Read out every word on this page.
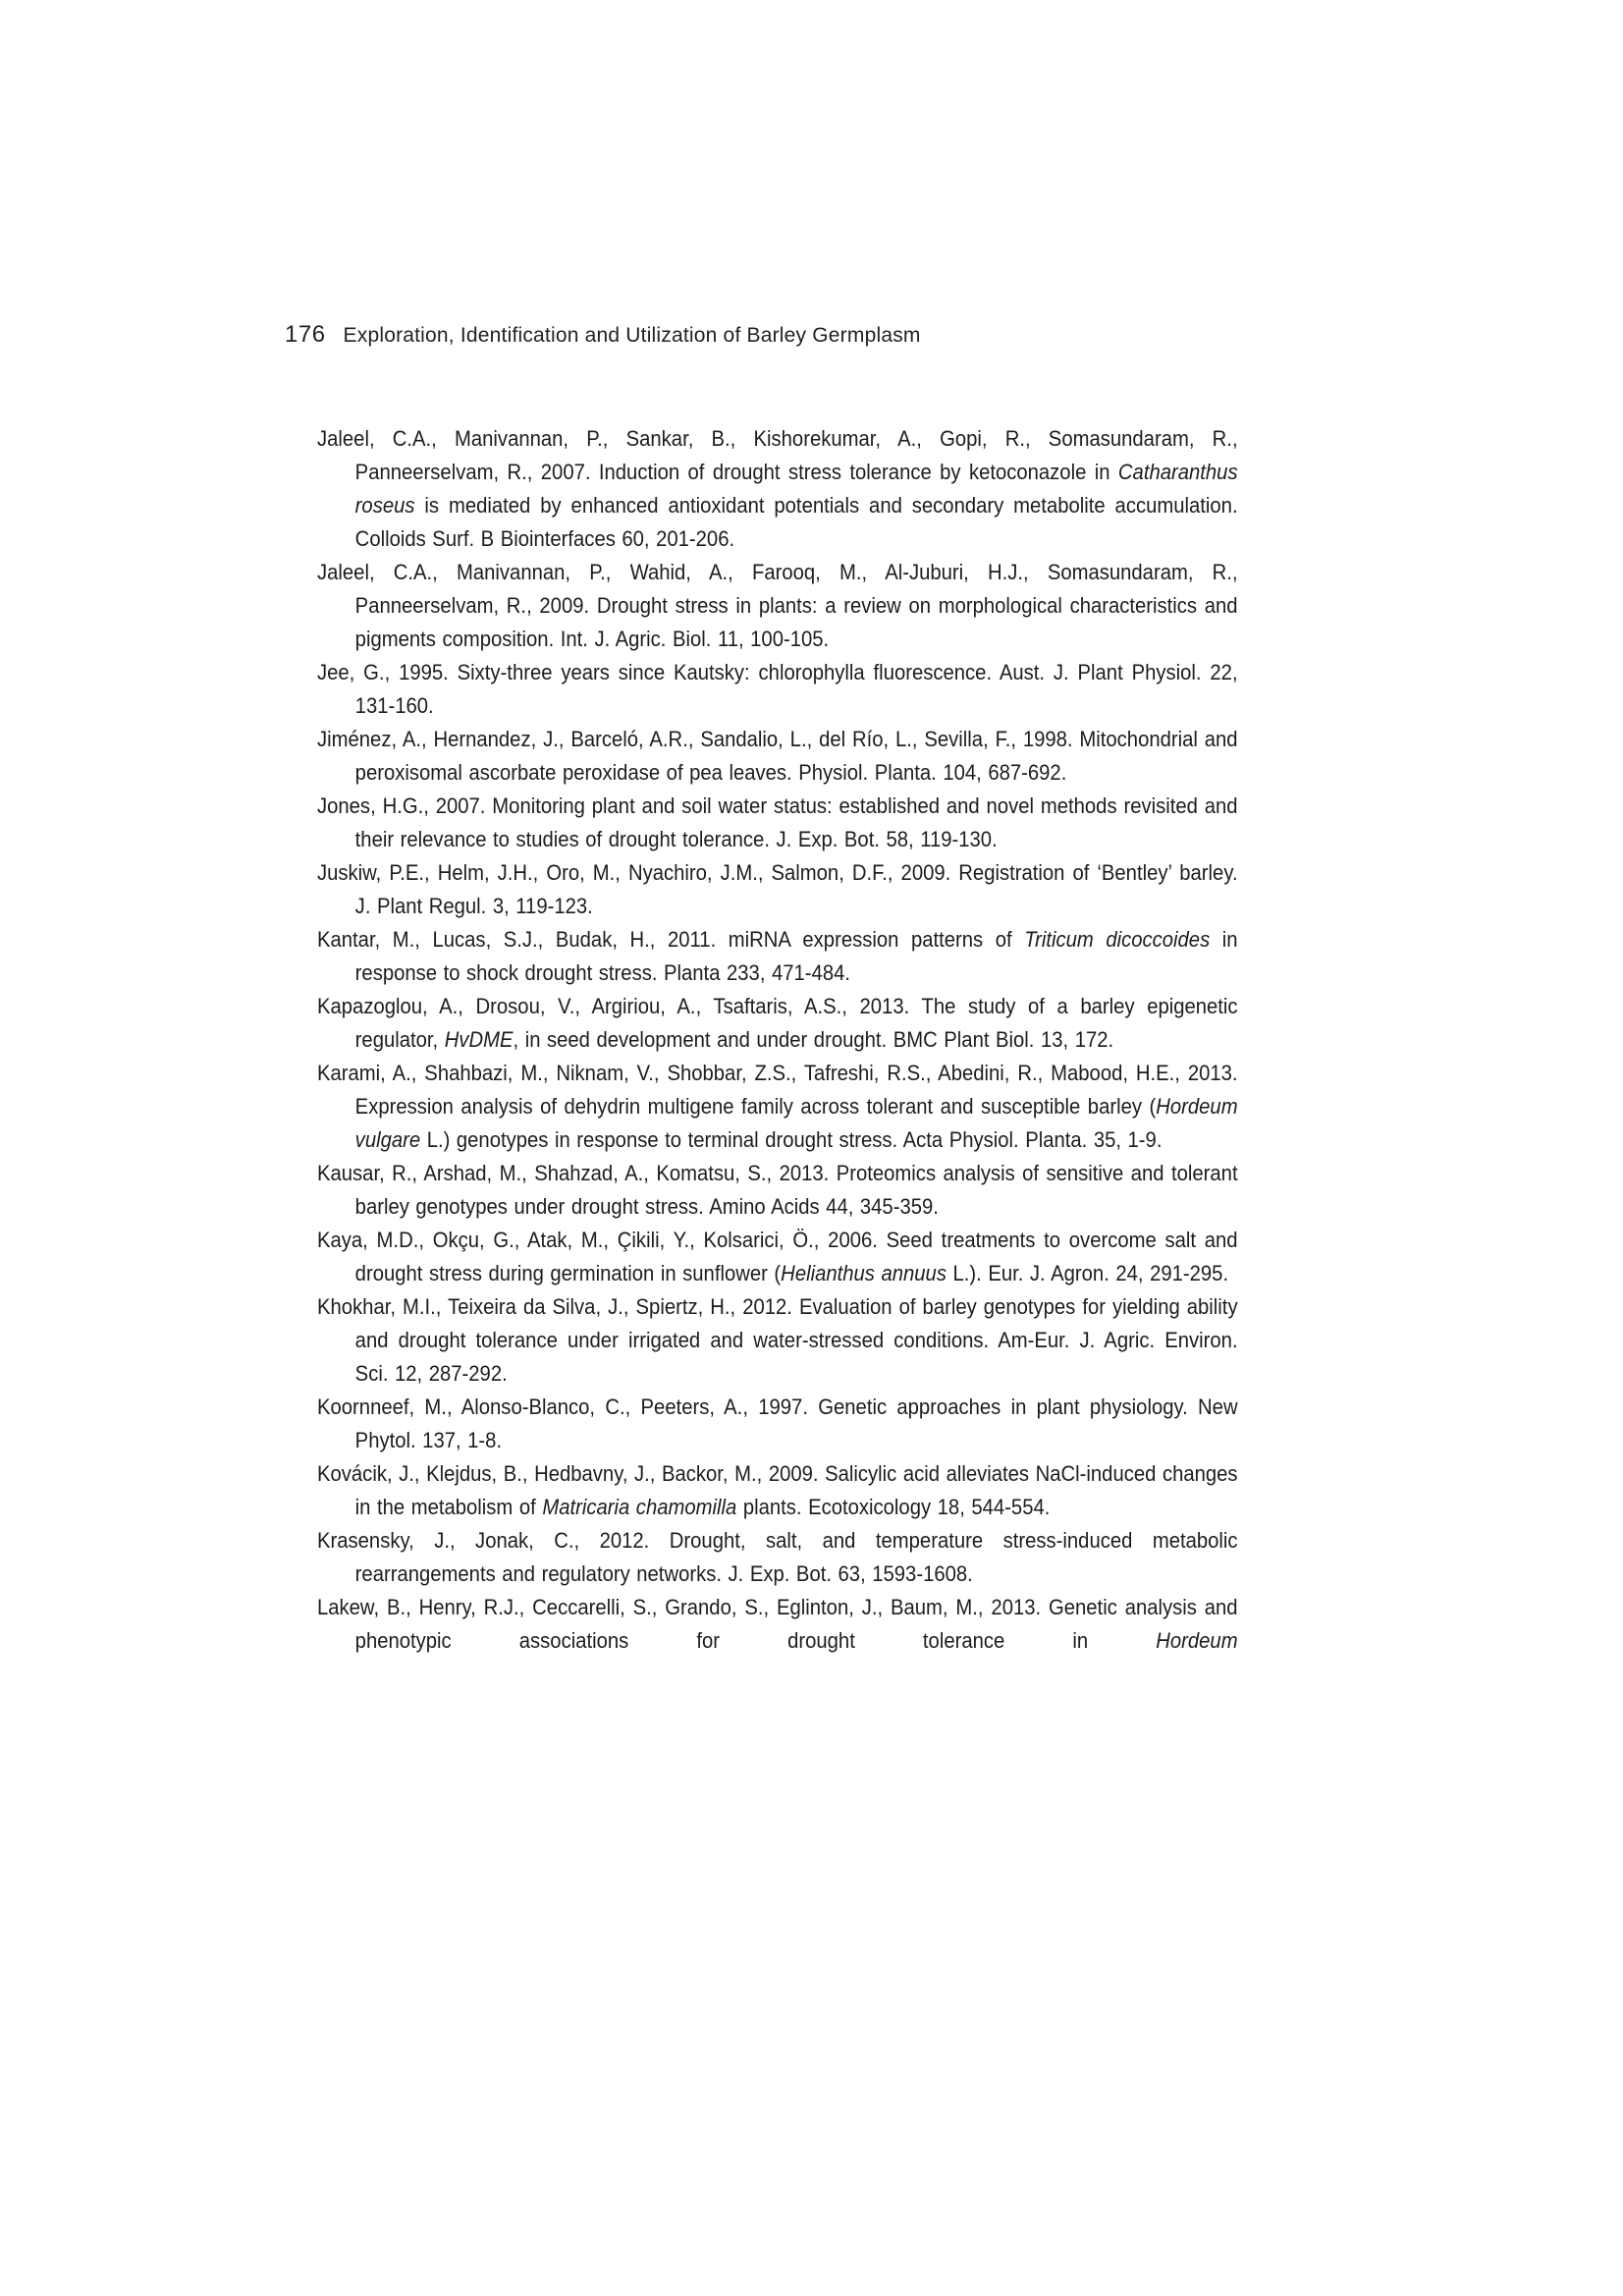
176 Exploration, Identification and Utilization of Barley Germplasm

Jaleel, C.A., Manivannan, P., Sankar, B., Kishorekumar, A., Gopi, R., Somasundaram, R., Panneerselvam, R., 2007. Induction of drought stress tolerance by ketoconazole in Catharanthus roseus is mediated by enhanced antioxidant potentials and secondary metabolite accumulation. Colloids Surf. B Biointerfaces 60, 201-206.

Jaleel, C.A., Manivannan, P., Wahid, A., Farooq, M., Al-Juburi, H.J., Somasundaram, R., Panneerselvam, R., 2009. Drought stress in plants: a review on morphological characteristics and pigments composition. Int. J. Agric. Biol. 11, 100-105.

Jee, G., 1995. Sixty-three years since Kautsky: chlorophylla fluorescence. Aust. J. Plant Physiol. 22, 131-160.

Jiménez, A., Hernandez, J., Barceló, A.R., Sandalio, L., del Río, L., Sevilla, F., 1998. Mitochondrial and peroxisomal ascorbate peroxidase of pea leaves. Physiol. Planta. 104, 687-692.

Jones, H.G., 2007. Monitoring plant and soil water status: established and novel methods revisited and their relevance to studies of drought tolerance. J. Exp. Bot. 58, 119-130.

Juskiw, P.E., Helm, J.H., Oro, M., Nyachiro, J.M., Salmon, D.F., 2009. Registration of ‘Bentley’ barley. J. Plant Regul. 3, 119-123.

Kantar, M., Lucas, S.J., Budak, H., 2011. miRNA expression patterns of Triticum dicoccoides in response to shock drought stress. Planta 233, 471-484.

Kapazoglou, A., Drosou, V., Argiriou, A., Tsaftaris, A.S., 2013. The study of a barley epigenetic regulator, HvDME, in seed development and under drought. BMC Plant Biol. 13, 172.

Karami, A., Shahbazi, M., Niknam, V., Shobbar, Z.S., Tafreshi, R.S., Abedini, R., Mabood, H.E., 2013. Expression analysis of dehydrin multigene family across tolerant and susceptible barley (Hordeum vulgare L.) genotypes in response to terminal drought stress. Acta Physiol. Planta. 35, 1-9.

Kausar, R., Arshad, M., Shahzad, A., Komatsu, S., 2013. Proteomics analysis of sensitive and tolerant barley genotypes under drought stress. Amino Acids 44, 345-359.

Kaya, M.D., Okçu, G., Atak, M., Çikili, Y., Kolsarici, Ö., 2006. Seed treatments to overcome salt and drought stress during germination in sunflower (Helianthus annuus L.). Eur. J. Agron. 24, 291-295.

Khokhar, M.I., Teixeira da Silva, J., Spiertz, H., 2012. Evaluation of barley genotypes for yielding ability and drought tolerance under irrigated and water-stressed conditions. Am-Eur. J. Agric. Environ. Sci. 12, 287-292.

Koornneef, M., Alonso-Blanco, C., Peeters, A., 1997. Genetic approaches in plant physiology. New Phytol. 137, 1-8.

Kovácik, J., Klejdus, B., Hedbavny, J., Backor, M., 2009. Salicylic acid alleviates NaCl-induced changes in the metabolism of Matricaria chamomilla plants. Ecotoxicology 18, 544-554.

Krasensky, J., Jonak, C., 2012. Drought, salt, and temperature stress-induced metabolic rearrangements and regulatory networks. J. Exp. Bot. 63, 1593-1608.

Lakew, B., Henry, R.J., Ceccarelli, S., Grando, S., Eglinton, J., Baum, M., 2013. Genetic analysis and phenotypic associations for drought tolerance in Hordeum
